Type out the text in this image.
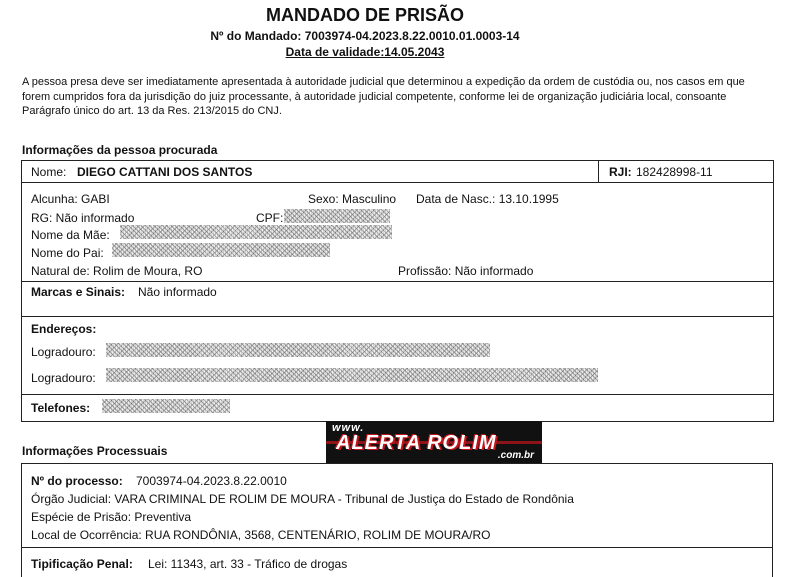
MANDADO DE PRISÃO
Nº do Mandado: 7003974-04.2023.8.22.0010.01.0003-14
Data de validade:14.05.2043
A pessoa presa deve ser imediatamente apresentada à autoridade judicial que determinou a expedição da ordem de custódia ou, nos casos em que forem cumpridos fora da jurisdição do juiz processante, à autoridade judicial competente, conforme lei de organização judiciária local, consoante Parágrafo único do art. 13 da Res. 213/2015 do CNJ.
Informações da pessoa procurada
Nome: DIEGO CATTANI DOS SANTOS	RJI: 182428998-11
Alcunha: GABI	Sexo: Masculino Data de Nasc.: 13.10.1995
RG: Não informado	CPF:
Nome da Mãe:
Nome do Pai:
Natural de: Rolim de Moura, RO	Profissão: Não informado
Marcas e Sinais: Não informado
Endereços:
Logradouro:
Logradouro:
Telefones:
www.
ALERTA ROLIM
.com.br
Informações Processuais
Nº do processo: 7003974-04.2023.8.22.0010
Órgão Judicial: VARA CRIMINAL DE ROLIM DE MOURA - Tribunal de Justiça do Estado de Rondônia
Espécie de Prisão: Preventiva
Local de Ocorrência: RUA RONDÔNIA, 3568, CENTENÁRIO, ROLIM DE MOURA/RO
Tipificação Penal: Lei: 11343, art. 33 - Tráfico de drogas
